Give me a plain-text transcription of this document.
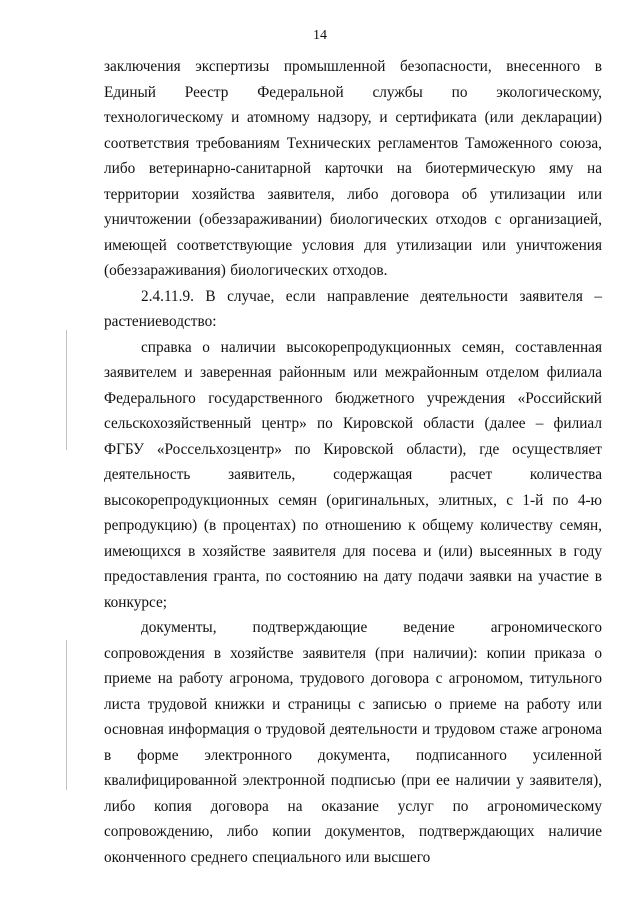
14

заключения экспертизы промышленной безопасности, внесенного в Единый Реестр Федеральной службы по экологическому, технологическому и атомному надзору, и сертификата (или декларации) соответствия требованиям Технических регламентов Таможенного союза, либо ветеринарно-санитарной карточки на биотермическую яму на территории хозяйства заявителя, либо договора об утилизации или уничтожении (обеззараживании) биологических отходов с организацией, имеющей соответствующие условия для утилизации или уничтожения (обеззараживания) биологических отходов.

2.4.11.9. В случае, если направление деятельности заявителя – растениеводство:

справка о наличии высокорепродукционных семян, составленная заявителем и заверенная районным или межрайонным отделом филиала Федерального государственного бюджетного учреждения «Российский сельскохозяйственный центр» по Кировской области (далее – филиал ФГБУ «Россельхозцентр» по Кировской области), где осуществляет деятельность заявитель, содержащая расчет количества высокорепродукционных семян (оригинальных, элитных, с 1-й по 4-ю репродукцию) (в процентах) по отношению к общему количеству семян, имеющихся в хозяйстве заявителя для посева и (или) высеянных в году предоставления гранта, по состоянию на дату подачи заявки на участие в конкурсе;

документы, подтверждающие ведение агрономического сопровождения в хозяйстве заявителя (при наличии): копии приказа о приеме на работу агронома, трудового договора с агрономом, титульного листа трудовой книжки и страницы с записью о приеме на работу или основная информация о трудовой деятельности и трудовом стаже агронома в форме электронного документа, подписанного усиленной квалифицированной электронной подписью (при ее наличии у заявителя), либо копия договора на оказание услуг по агрономическому сопровождению, либо копии документов, подтверждающих наличие оконченного среднего специального или высшего
